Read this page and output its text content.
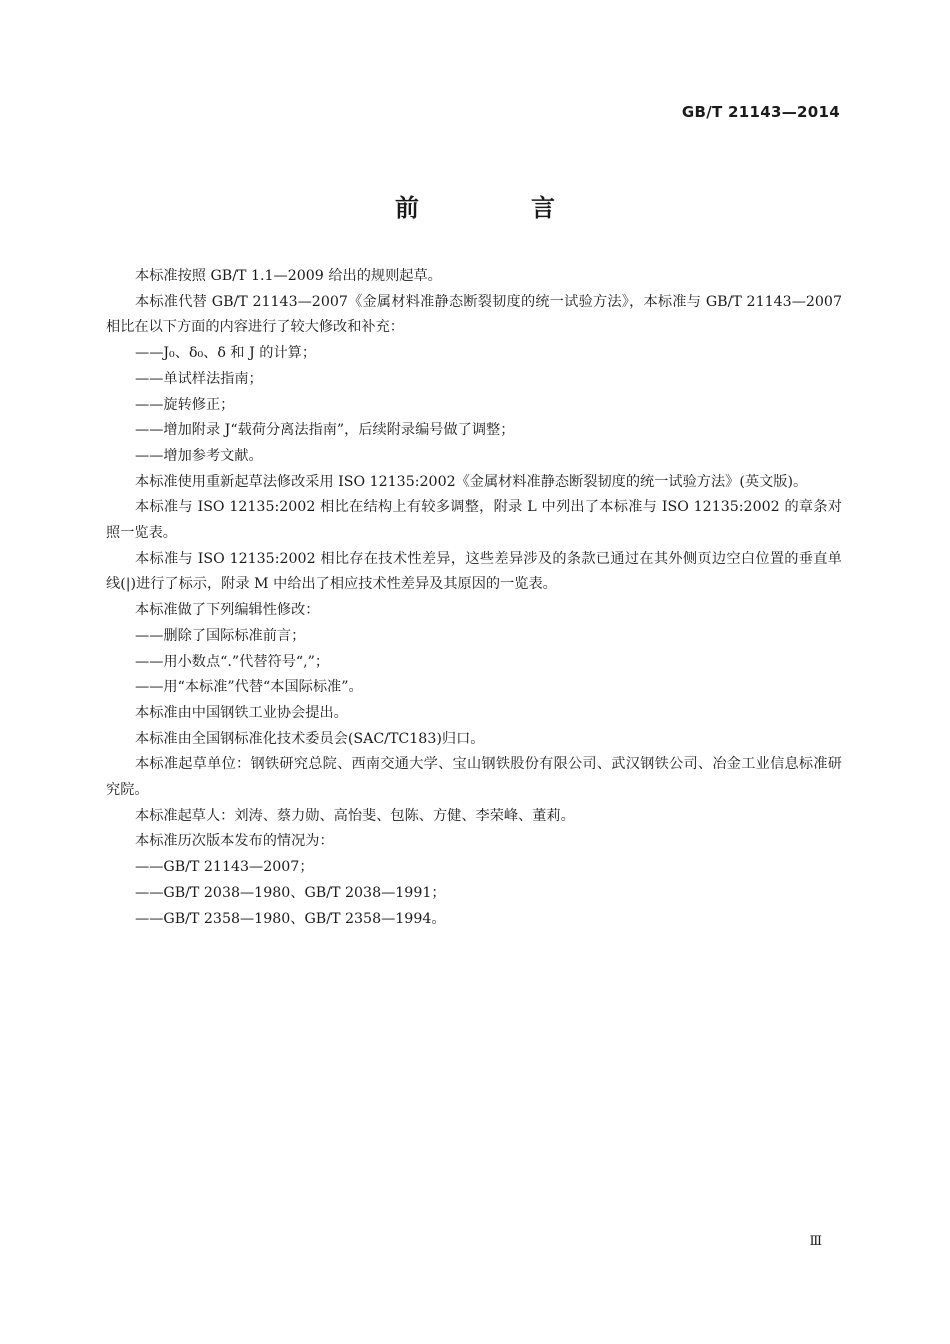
GB/T 21143—2014
前　言
本标准按照 GB/T 1.1—2009 给出的规则起草。
本标准代替 GB/T 21143—2007《金属材料准静态断裂韧度的统一试验方法》，本标准与 GB/T 21143—2007 相比在以下方面的内容进行了较大修改和补充：
——J₀、δ₀、δ 和 J 的计算；
——单试样法指南；
——旋转修正；
——增加附录 J“载荷分离法指南”，后续附录编号做了调整；
——增加参考文献。
本标准使用重新起草法修改采用 ISO 12135:2002《金属材料准静态断裂韧度的统一试验方法》(英文版)。
本标准与 ISO 12135:2002 相比在结构上有较多调整，附录 L 中列出了本标准与 ISO 12135:2002 的章条对照一览表。
本标准与 ISO 12135:2002 相比存在技术性差异，这些差异涉及的条款已通过在其外侧页边空白位置的垂直单线(|)进行了标示，附录 M 中给出了相应技术性差异及其原因的一览表。
本标准做了下列编辑性修改：
——删除了国际标准前言；
——用小数点“.”代替符号“,”；
——用“本标准”代替“本国际标准”。
本标准由中国钢铁工业协会提出。
本标准由全国钢标准化技术委员会(SAC/TC183)归口。
本标准起草单位：钢铁研究总院、西南交通大学、宝山钢铁股份有限公司、武汉钢铁公司、冶金工业信息标准研究院。
本标准起草人：刘涛、蔡力勋、高怡斐、包陈、方健、李荣峰、董莉。
本标准历次版本发布的情况为：
——GB/T 21143—2007；
——GB/T 2038—1980、GB/T 2038—1991；
——GB/T 2358—1980、GB/T 2358—1994。
Ⅲ
